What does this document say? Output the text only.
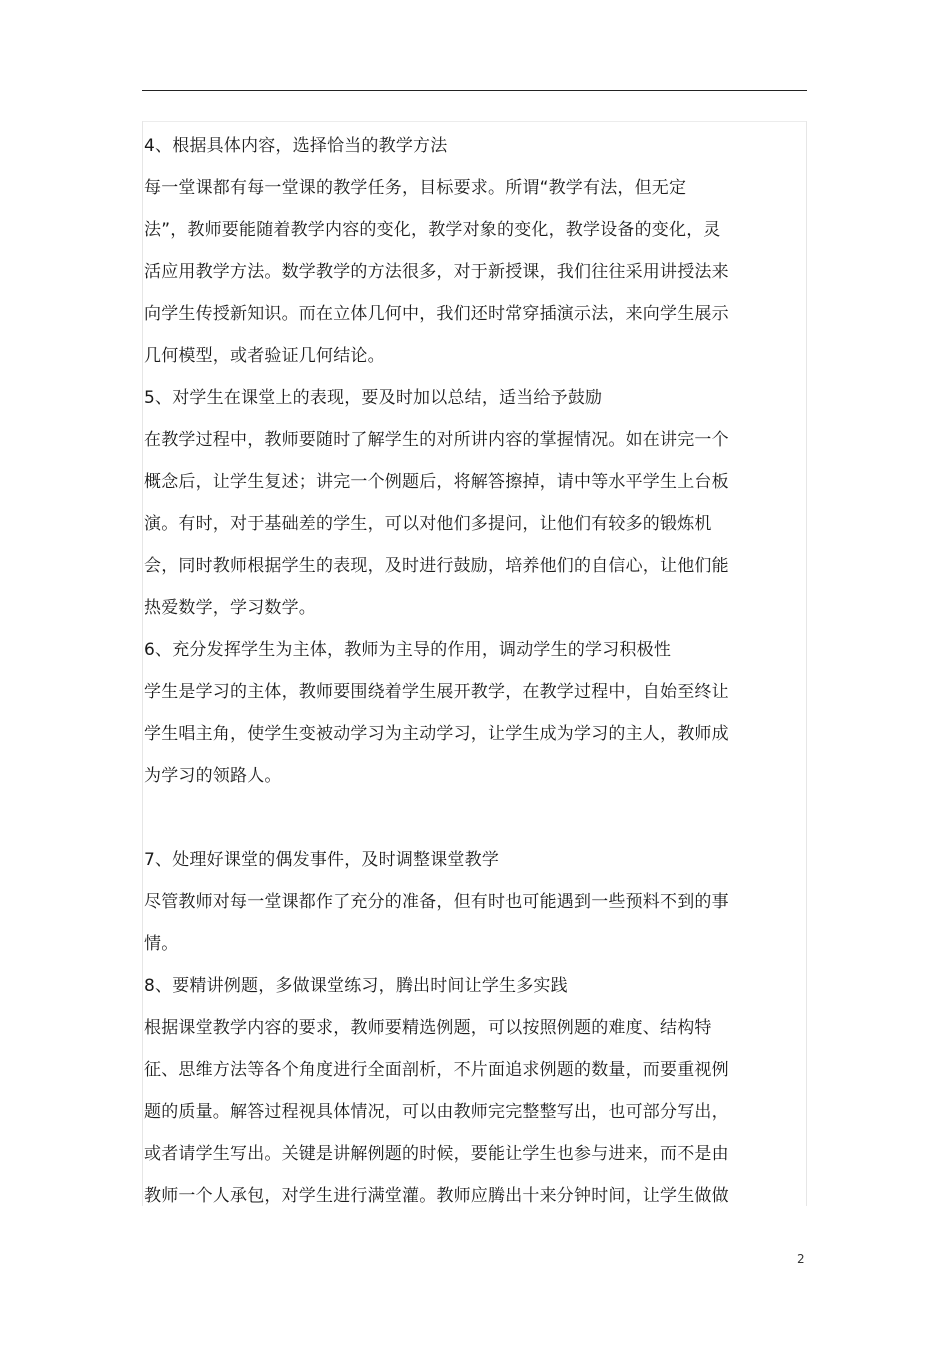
4、根据具体内容，选择恰当的教学方法
每一堂课都有每一堂课的教学任务，目标要求。所谓“教学有法，但无定
法”，教师要能随着教学内容的变化，教学对象的变化，教学设备的变化，灵
活应用教学方法。数学教学的方法很多，对于新授课，我们往往采用讲授法来
向学生传授新知识。而在立体几何中，我们还时常穿插演示法，来向学生展示
几何模型，或者验证几何结论。
5、对学生在课堂上的表现，要及时加以总结，适当给予鼓励
在教学过程中，教师要随时了解学生的对所讲内容的掌握情况。如在讲完一个
概念后，让学生复述；讲完一个例题后，将解答擦掉，请中等水平学生上台板
演。有时，对于基础差的学生，可以对他们多提问，让他们有较多的锻炼机
会，同时教师根据学生的表现，及时进行鼓励，培养他们的自信心，让他们能
热爱数学，学习数学。
6、充分发挥学生为主体，教师为主导的作用，调动学生的学习积极性
学生是学习的主体，教师要围绕着学生展开教学，在教学过程中，自始至终让
学生唱主角，使学生变被动学习为主动学习，让学生成为学习的主人，教师成
为学习的领路人。
7、处理好课堂的偶发事件，及时调整课堂教学
尽管教师对每一堂课都作了充分的准备，但有时也可能遇到一些预料不到的事
情。
8、要精讲例题，多做课堂练习，腾出时间让学生多实践
根据课堂教学内容的要求，教师要精选例题，可以按照例题的难度、结构特
征、思维方法等各个角度进行全面剖析，不片面追求例题的数量，而要重视例
题的质量。解答过程视具体情况，可以由教师完完整整写出，也可部分写出，
或者请学生写出。关键是讲解例题的时候，要能让学生也参与进来，而不是由
教师一个人承包，对学生进行满堂灌。教师应腾出十来分钟时间，让学生做做
2
